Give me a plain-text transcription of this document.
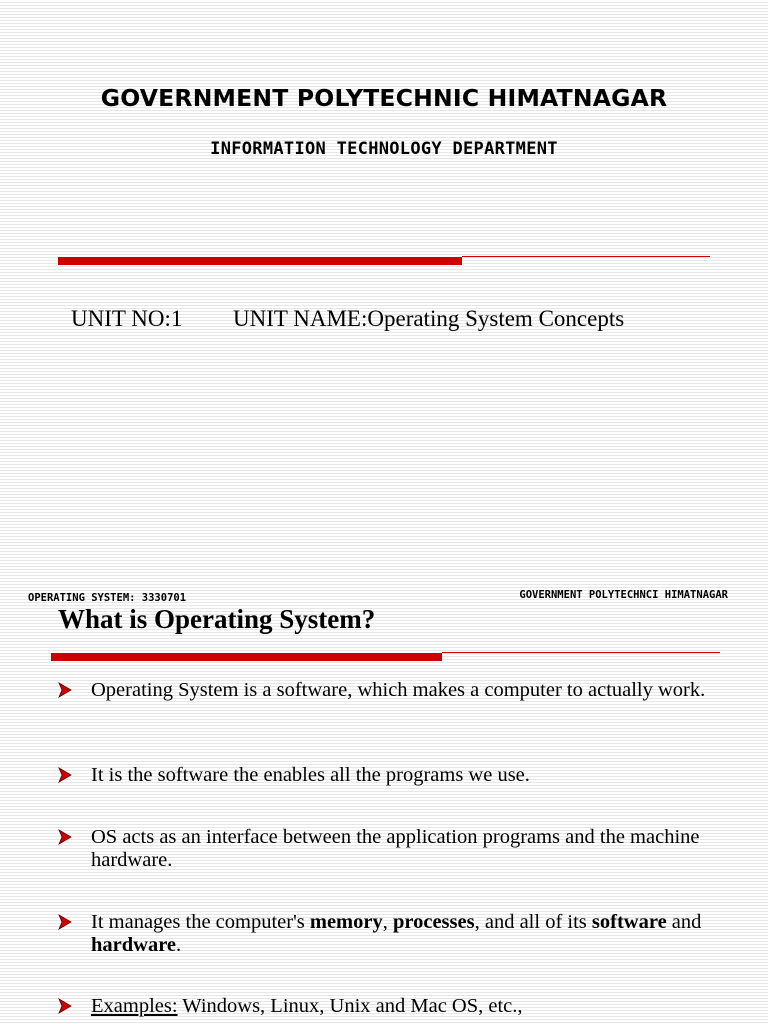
GOVERNMENT POLYTECHNIC HIMATNAGAR
INFORMATION TECHNOLOGY DEPARTMENT
UNIT NO:1 UNIT NAME:Operating System Concepts
OPERATING SYSTEM: 3330701	GOVERNMENT POLYTECHNCI HIMATNAGAR
What is Operating System?
Operating System is a software, which makes a computer to actually work.
It is the software the enables all the programs we use.
OS acts as an interface between the application programs and the machine hardware.
It manages the computer's memory, processes, and all of its software and hardware.
Examples: Windows, Linux, Unix and Mac OS, etc.,
